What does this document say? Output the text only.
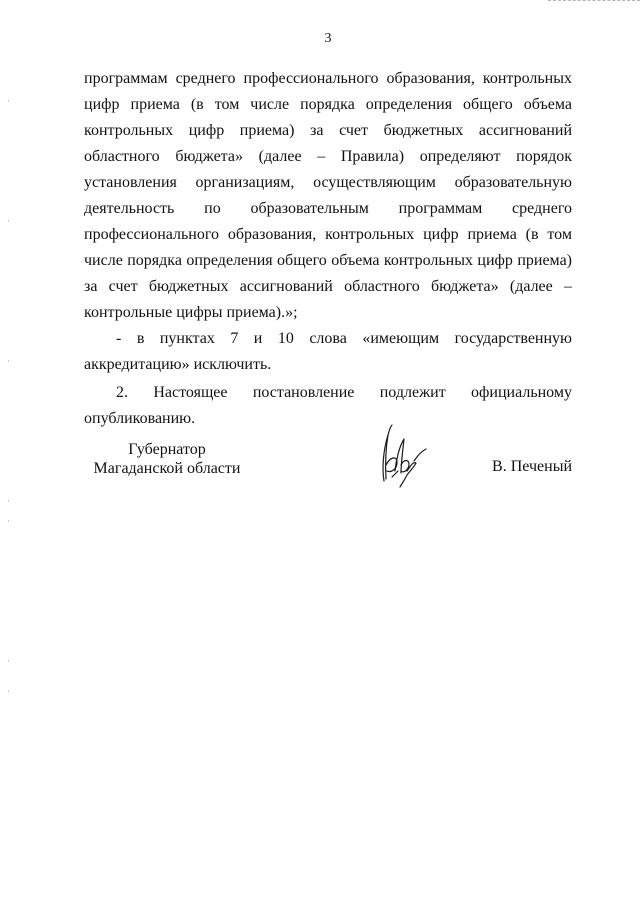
3

программам среднего профессионального образования, контрольных цифр приема (в том числе порядка определения общего объема контрольных цифр приема) за счет бюджетных ассигнований областного бюджета» (далее – Правила) определяют порядок установления организациям, осуществляющим образовательную деятельность по образовательным программам среднего профессионального образования, контрольных цифр приема (в том числе порядка определения общего объема контрольных цифр приема) за счет бюджетных ассигнований областного бюджета» (далее – контрольные цифры приема).»;

- в пунктах 7 и 10 слова «имеющим государственную аккредитацию» исключить.

2. Настоящее постановление подлежит официальному опубликованию.

Губернатор
Магаданской области	В. Печеный
